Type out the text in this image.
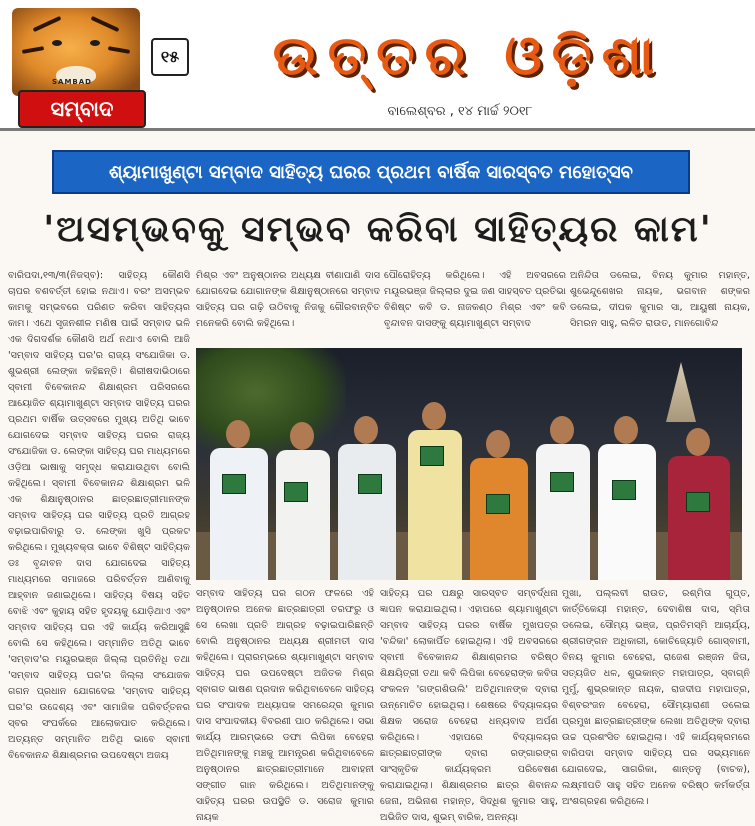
SAMBAD
ସମ୍ବାଦ
୧୫	ଉତ୍ତର ଓଡ଼ିଶା
ବାଲେଶ୍ବର , ୧୪ ମାର୍ଚ୍ଚ ୨୦୧୮
ଶ୍ୟାମାଖୁଣ୍ଟା ସମ୍ବାଦ ସାହିତ୍ୟ ଘରର ପ୍ରଥମ ବାର୍ଷିକ ସାରସ୍ବତ ମହୋତ୍ସବ
'ଅସମ୍ଭବକୁ ସମ୍ଭବ କରିବା ସାହିତ୍ୟର କାମ'
ବାରିପଦା,୧୩/୩(ନିଜସ୍ବ): ସାହିତ୍ୟ କୌଣସି ଚାପର ବଶବର୍ତ୍ତୀ ହୋଇ ନଥାଏ। ବରଂ ଅସମ୍ଭବ କାମକୁ ସମ୍ଭବରେ ପରିଣତ କରିବା ସାହିତ୍ୟର କାମ। ଏଥେ ସୃଜନଶୀଳ ମଣିଷ ପାଇଁ ସମ୍ବାଦ ଭଳି ଏକ ଦିଗଦର୍ଶକ କୌଣସି ଅର୍ଥ ନଥାଏ ବୋଲି ଆଜି 'ସମ୍ବାଦ ସାହିତ୍ୟ ଘର'ର ରାଜ୍ୟ ସଂଯୋଜିକା ଡ. ଶୁଭଶ୍ରୀ ଲେଙ୍କା କହିଛନ୍ତି। ଶିରୀଷଦାଭିଠାରେ ସ୍ବାମୀ ବିବେକାନନ୍ଦ ଶିକ୍ଷାଶ୍ରମ ପରିସରରେ ଆୟୋଜିତ ଶ୍ୟାମାଖୁଣ୍ଟା ସମ୍ବାଦ ସାହିତ୍ୟ ଘରର ପ୍ରଥମ ବାର୍ଷିକ ଉତ୍ସବରେ ମୁଖ୍ୟ ଅତିଥି ଭାବେ ଯୋଗଦେଇ ସମ୍ବାଦ ସାହିତ୍ୟ ଘରର ରାଜ୍ୟ ସଂଯୋଜିକା ଡ. ଲେଙ୍କା ସାହିତ୍ୟ ଘର ମାଧ୍ୟମରେ ଓଡ଼ିଆ ଭାଷାକୁ ସମୃଦ୍ଧ କରାଯାଉଥିବା ବୋଲି କହିଥିଲେ। ସ୍ବାମୀ ବିବେକାନନ୍ଦ ଶିକ୍ଷାଶ୍ରମ ଭଳି ଏକ ଶିକ୍ଷାନୁଷ୍ଠାନର ଛାତ୍ରଛାତ୍ରୀମାନଙ୍କ ସମ୍ବାଦ ସାହିତ୍ୟ ଘର ସାହିତ୍ୟ ପ୍ରତି ଆଗ୍ରହ ବଢ଼ାଇପାରିବାରୁ ଡ. ଲେଙ୍କା ଖୁସି ପ୍ରକଟ କରିଥିଲେ। ମୁଖ୍ୟବକ୍ତା ଭାବେ ବିଶିଷ୍ଟ ସାହିତ୍ୟିକ ଡଃ ବୃନ୍ଦାବନ ଦାସ ଯୋଗଦେଇ ସାହିତ୍ୟ ମାଧ୍ୟମରେ ସମାଜରେ ପରିବର୍ତ୍ତନ ଆଣିବାକୁ ଆହ୍ବାନ ଜଣାଇଥିଲେ। ସାହିତ୍ୟ ବିଷୟ ସହିତ ବୋଝି ଏବଂ କୁହାୟ ସହିତ ହୃଦୟକୁ ଯୋଡ଼ିଥାଏ ଏବଂ ସମ୍ବାଦ ସାହିତ୍ୟ ଘର ଏହି କାର୍ଯ୍ୟ କରିଆସୁଛି ବୋଲି ସେ କହିଥିଲେ। ସମ୍ମାନିତ ଅତିଥି ଭାବେ 'ସମ୍ବାଦ'ର ମୟୂରଭଞ୍ଜ ଜିଲ୍ଲା ପ୍ରତିନିଧି ତଥା 'ସମ୍ବାଦ ସାହିତ୍ୟ ଘର'ର ଜିଲ୍ଲା ସଂଯୋଜକ ଗଗନ ପ୍ରଧାନ ଯୋଗଦେଇ 'ସମ୍ବାଦ ସାହିତ୍ୟ ଘର'ର ଉଦ୍ଦେଶ୍ୟ ଏବଂ ସାମାଜିକ ପରିବର୍ତ୍ତନର ସ୍ବର ସଂପର୍କରେ ଆଲୋକପାତ କରିଥିଲେ। ଅତ୍ୟନ୍ତ ସମ୍ମାନିତ ଅତିଥି ଭାବେ ସ୍ବାମୀ ବିବେକାନନ୍ଦ ଶିକ୍ଷାଶ୍ରମର ଉପଦେଷ୍ଟା ଅଜୟ
ମିଶ୍ର ଏବଂ ଅନୁଷ୍ଠାନର ଅଧ୍ୟକ୍ଷ ବୀଣାପାଣି ଦାସ ଯୋଗଦେଇ ଯୋଗାନଙ୍କ ଶିକ୍ଷାନୁଷ୍ଠାନରେ ସମ୍ବାଦ ସାହିତ୍ୟ ଘର ଗଢ଼ି ଉଠିବାକୁ ନିଜକୁ ଗୌରବାନ୍ବିତ ମନେକରି ବୋଲି କହିଥିଲେ।
ପୌରୋହିତ୍ୟ କରିଥିଲେ। ଏହି ଅବସରରେ ମୟୂରଭଞ୍ଜ ଜିଲ୍ଲାର ଦୁଇ ଜଣ ସାହସ୍ବତ ପ୍ରତିଭା ବିଶିଷ୍ଟ କବି ଡ. ନାଜକଣ୍ଠ ମିଶ୍ର ଏବଂ କବି ବୃନ୍ଦାବନ ଦାସଙ୍କୁ ଶ୍ୟାମାଖୁଣ୍ଟା ସମ୍ବାଦ
ଅନିନ୍ଦିତା ଡଲେଇ, ବିନୟ କୁମାର ମହାନ୍ତ, ଶୁଭେନ୍ଦୁଶେଖର ନାୟକ, ଭଗବାନ ଶଙ୍କର ଡଲେଇ, ଦୀପକ କୁମାର ସା, ଆୟୁଷୀ ନାୟକ, ସିମରନ ସାହୁ, ଲଳିତ ରାଉତ, ମାନଗୋବିନ୍ଦ
ସମ୍ବାଦ ସାହିତ୍ୟ ଘର ଗଠନ ଫଳରେ ଏହି ଅନୁଷ୍ଠାନର ଅନେକ ଛାତ୍ରଛାତ୍ରୀ ତରଫରୁ ଓ ସେ ଲେଖା ପ୍ରତି ଆଗ୍ରହ ବଢ଼ାଇପାରିଛନ୍ତି ବୋଲି ଅନୁଷ୍ଠାନର ଅଧ୍ୟକ୍ଷ ଶ୍ରୀମତୀ ଦାସ କହିଥିଲେ। ପ୍ରାରମ୍ଭରେ ଶ୍ୟାମାଖୁଣ୍ଟା ସମ୍ବାଦ ସାହିତ୍ୟ ଘର ଉପଦେଷ୍ଟା ଅଜିତକ ମିଶ୍ର ସ୍ବାଗତ ଭାଷଣ ପ୍ରଦାନ କରିଥିବାବେଳେ ସାହିତ୍ୟ ଘର ସଂପାଦକ ଅଧ୍ୟାପକ ସମରେନ୍ଦ୍ର କୁମାର ଦାସ ସଂପାଦକୀୟ ବିବରଣୀ ପାଠ କରିଥିଲେ। ସଭା କାର୍ଯ୍ୟ ଆରମ୍ଭରେ ଡଫା ଲିପିକା ବେହେରା ଅତିଥିମାନଙ୍କୁ ମଞ୍ଚକୁ ଆମନ୍ତ୍ରଣ କରିଥିବାବେଳେ ଅନୁଷ୍ଠାନର ଛାତ୍ରଛାତ୍ରୀମାନେ ଆବାହନୀ ସଙ୍ଗୀତ ଗାନ କରିଥିଲେ। ଅତିଥିମାନଙ୍କୁ ସାହିତ୍ୟ ଘରର ଉପସ୍ଥିତି ଡ. ସରୋଜ କୁମାର ନାୟକ
ସାହିତ୍ୟ ଘର ପକ୍ଷରୁ ସାରସ୍ବତ ସମ୍ବର୍ଦ୍ଧନା ଜ୍ଞାପନ କରାଯାଇଥିଲା। ଏହାପରେ ଶ୍ୟାମାଖୁଣ୍ଟା ସମ୍ବାଦ ସାହିତ୍ୟ ଘରର ବାର୍ଷିକ ମୁଖପତ୍ର 'ବନ୍ଦିକା' ଲୋକାର୍ପିତ ହୋଇଥିଲା। ଏହି ଅବସରରେ ସ୍ବାମୀ ବିବେକାନନ୍ଦ ଶିକ୍ଷାଶ୍ରମର ବରିଷ୍ଠ ଶିକ୍ଷୟିତ୍ରୀ ତଥା କବି ଲିପିକା ବେହେରାଙ୍କ କବିତା ସଂକଳନ 'ଗଙ୍ଗଶିଉଲି' ଅତିଥିମାନଙ୍କ ଦ୍ବାରା ଉନ୍ମୋଚିତ ହୋଇଥିଲା। ଶେଷରେ ବିଦ୍ୟାଳୟର ଶିକ୍ଷକ ସରୋଜ ବେହେରା ଧନ୍ୟବାଦ ଅର୍ପଣ କରିଥିଲେ। ଏହାପରେ ବିଦ୍ୟାଳୟର ଛାତ୍ରଛାତ୍ରୀଙ୍କ ଦ୍ବାରା ରଙ୍ଗାରଙ୍ଗ ସାଂସ୍କୃତିକ କାର୍ଯ୍ୟକ୍ରମ ପରିବେଷଣ କରାଯାଇଥିଲା। ଶିକ୍ଷାଶ୍ରମର ଛାତ୍ର ଶିବାନନ୍ଦ ଜେନା, ଅଭିନାଶ ମହାନ୍ତ, ସିଦ୍ଧିଶ କୁମାର ସାହୁ, ଅଭିଜିତ ଦାସ, ଶୁଭମ୍ ବାରିକ, ଅନନ୍ୟା
ମୁଖା, ପଲ୍ଲବୀ ରାଉତ, ରଶ୍ମିତା ଗୁପ୍ତ, କାର୍ତ୍ତିକେୟୀ ମହାନ୍ତ, ଦେବାଶିଷ ଦାସ, ସ୍ମିତା ଡଲେଇ, ସୌମ୍ୟ ଭଞ୍ଜ, ପ୍ରତିମସ୍ମି ଆଚାର୍ଯ୍ୟ, ଶ୍ରୀଗଙ୍ଗନ ଅଧିକାରୀ, କୋଚିଜ୍ୟୋତି ଗୋସ୍ବାମୀ, ବିନୟ କୁମାର ବେହେରା, ରାଜେଶ ରଞ୍ଜନ ଜିତା, ସତ୍ୟଜିତ ଧଳ, ଶୁଭକାନ୍ତ ମହାପାତ୍ର, ସ୍ବାଗ୍ନି ମୁର୍ମୁ, ଶୁଭ୍ରକାନ୍ତ ନାୟକ, ରାଜଦୀପ ମହାପାତ୍ର, ବିଶ୍ବରଂଜନ ବେହେରା, ସୌମ୍ୟାରାଣୀ ଡଲେଇ ପ୍ରମୁଖ ଛାତ୍ରଛାତ୍ରୀଙ୍କ ଲେଖା ଅତିଥିଙ୍କ ଦ୍ବାରା ଉଚ୍ଚ ପ୍ରଶଂସିତ ହୋଇଥିଲା। ଏହି କାର୍ଯ୍ୟକ୍ରମରେ ବାରିପଦା ସମ୍ବାଦ ସାହିତ୍ୟ ଘର ସଭ୍ୟମାନେ ଯୋଗଦେଇ, ସାଗରିକା, ଶାନ୍ତନୁ (ବାଚକ), ଲକ୍ଷ୍ମୀପତି ସାହୁ ସହିତ ଅନେକ ବରିଷ୍ଠ କର୍ମକର୍ତ୍ତା ଅଂଶଗ୍ରହଣ କରିଥିଲେ।
